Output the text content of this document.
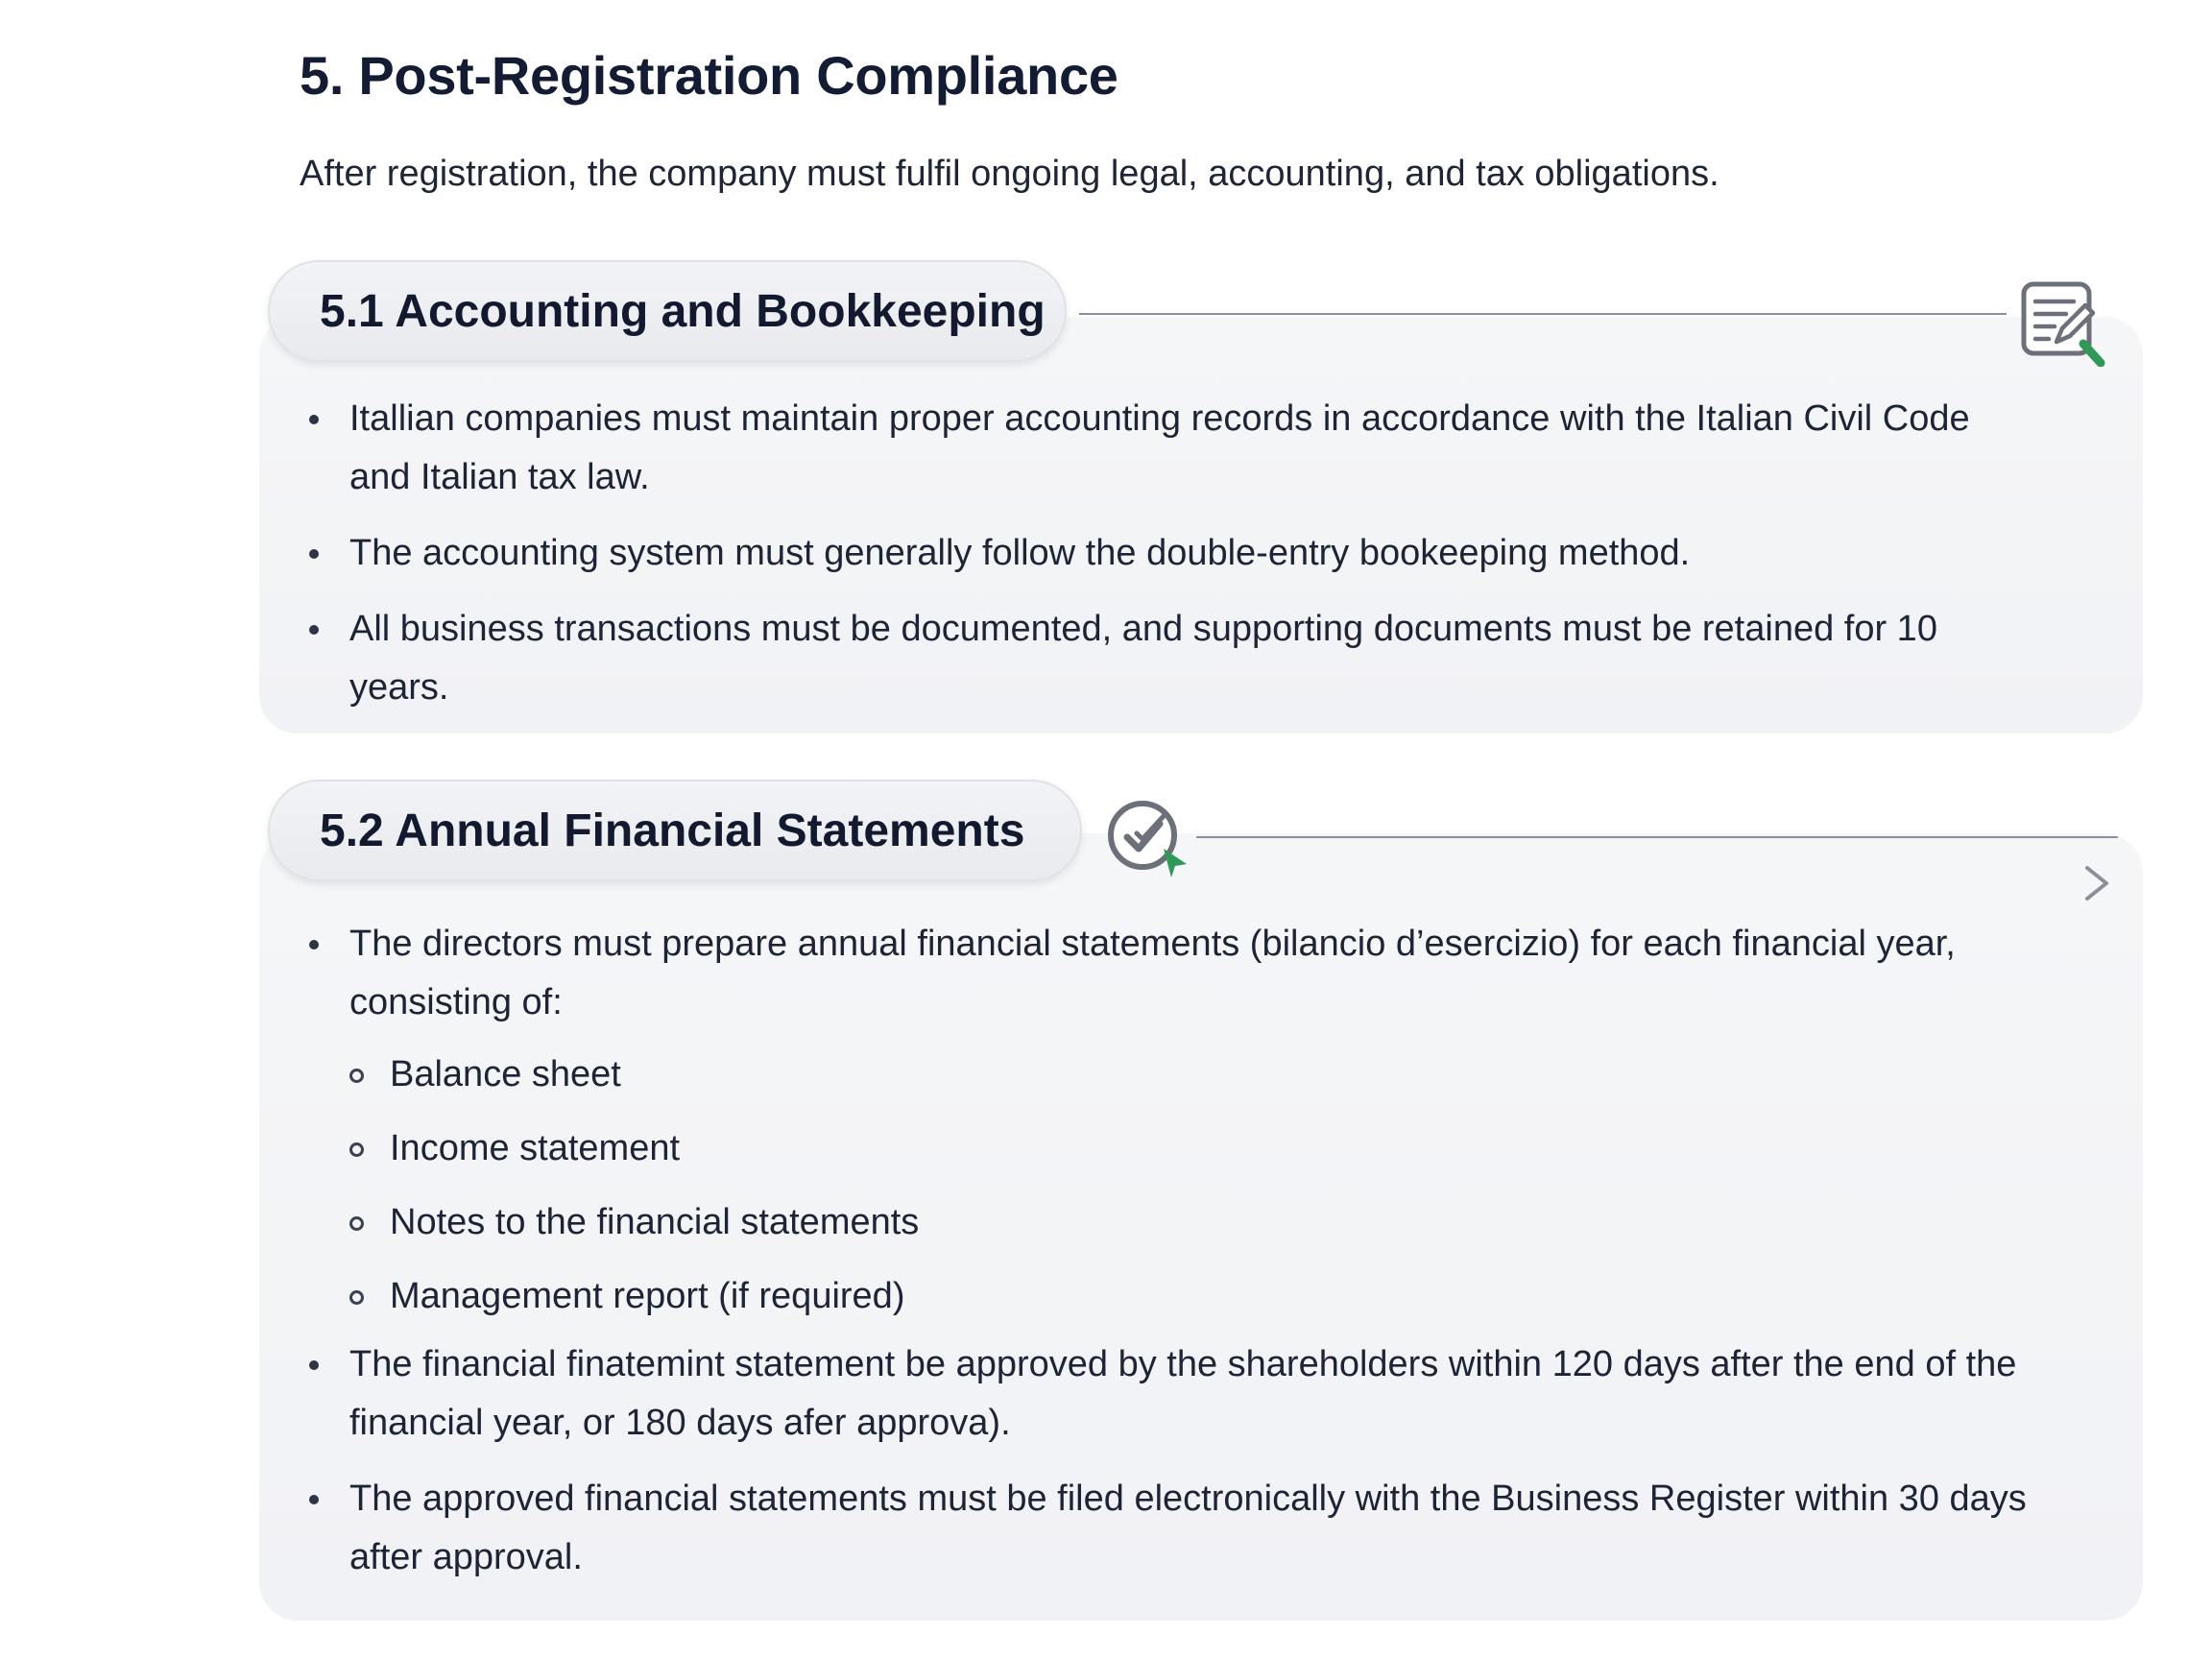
5. Post-Registration Compliance

After registration, the company must fulfil ongoing legal, accounting, and tax obligations.

5.1 Accounting and Bookkeeping
Itallian companies must maintain proper accounting records in accordance with the Italian Civil Code and Italian tax law.
The accounting system must generally follow the double-entry bookeeping method.
All business transactions must be documented, and supporting documents must be retained for 10 years.
5.2 Annual Financial Statements
The directors must prepare annual financial statements (bilancio d’esercizio) for each financial year, consisting of:
Balance sheet
Income statement
Notes to the financial statements
Management report (if required)
The financial finatemint statement be approved by the shareholders within 120 days after the end of the financial year, or 180 days afer approva).
The approved financial statements must be filed electronically with the Business Register within 30 days after approval.
